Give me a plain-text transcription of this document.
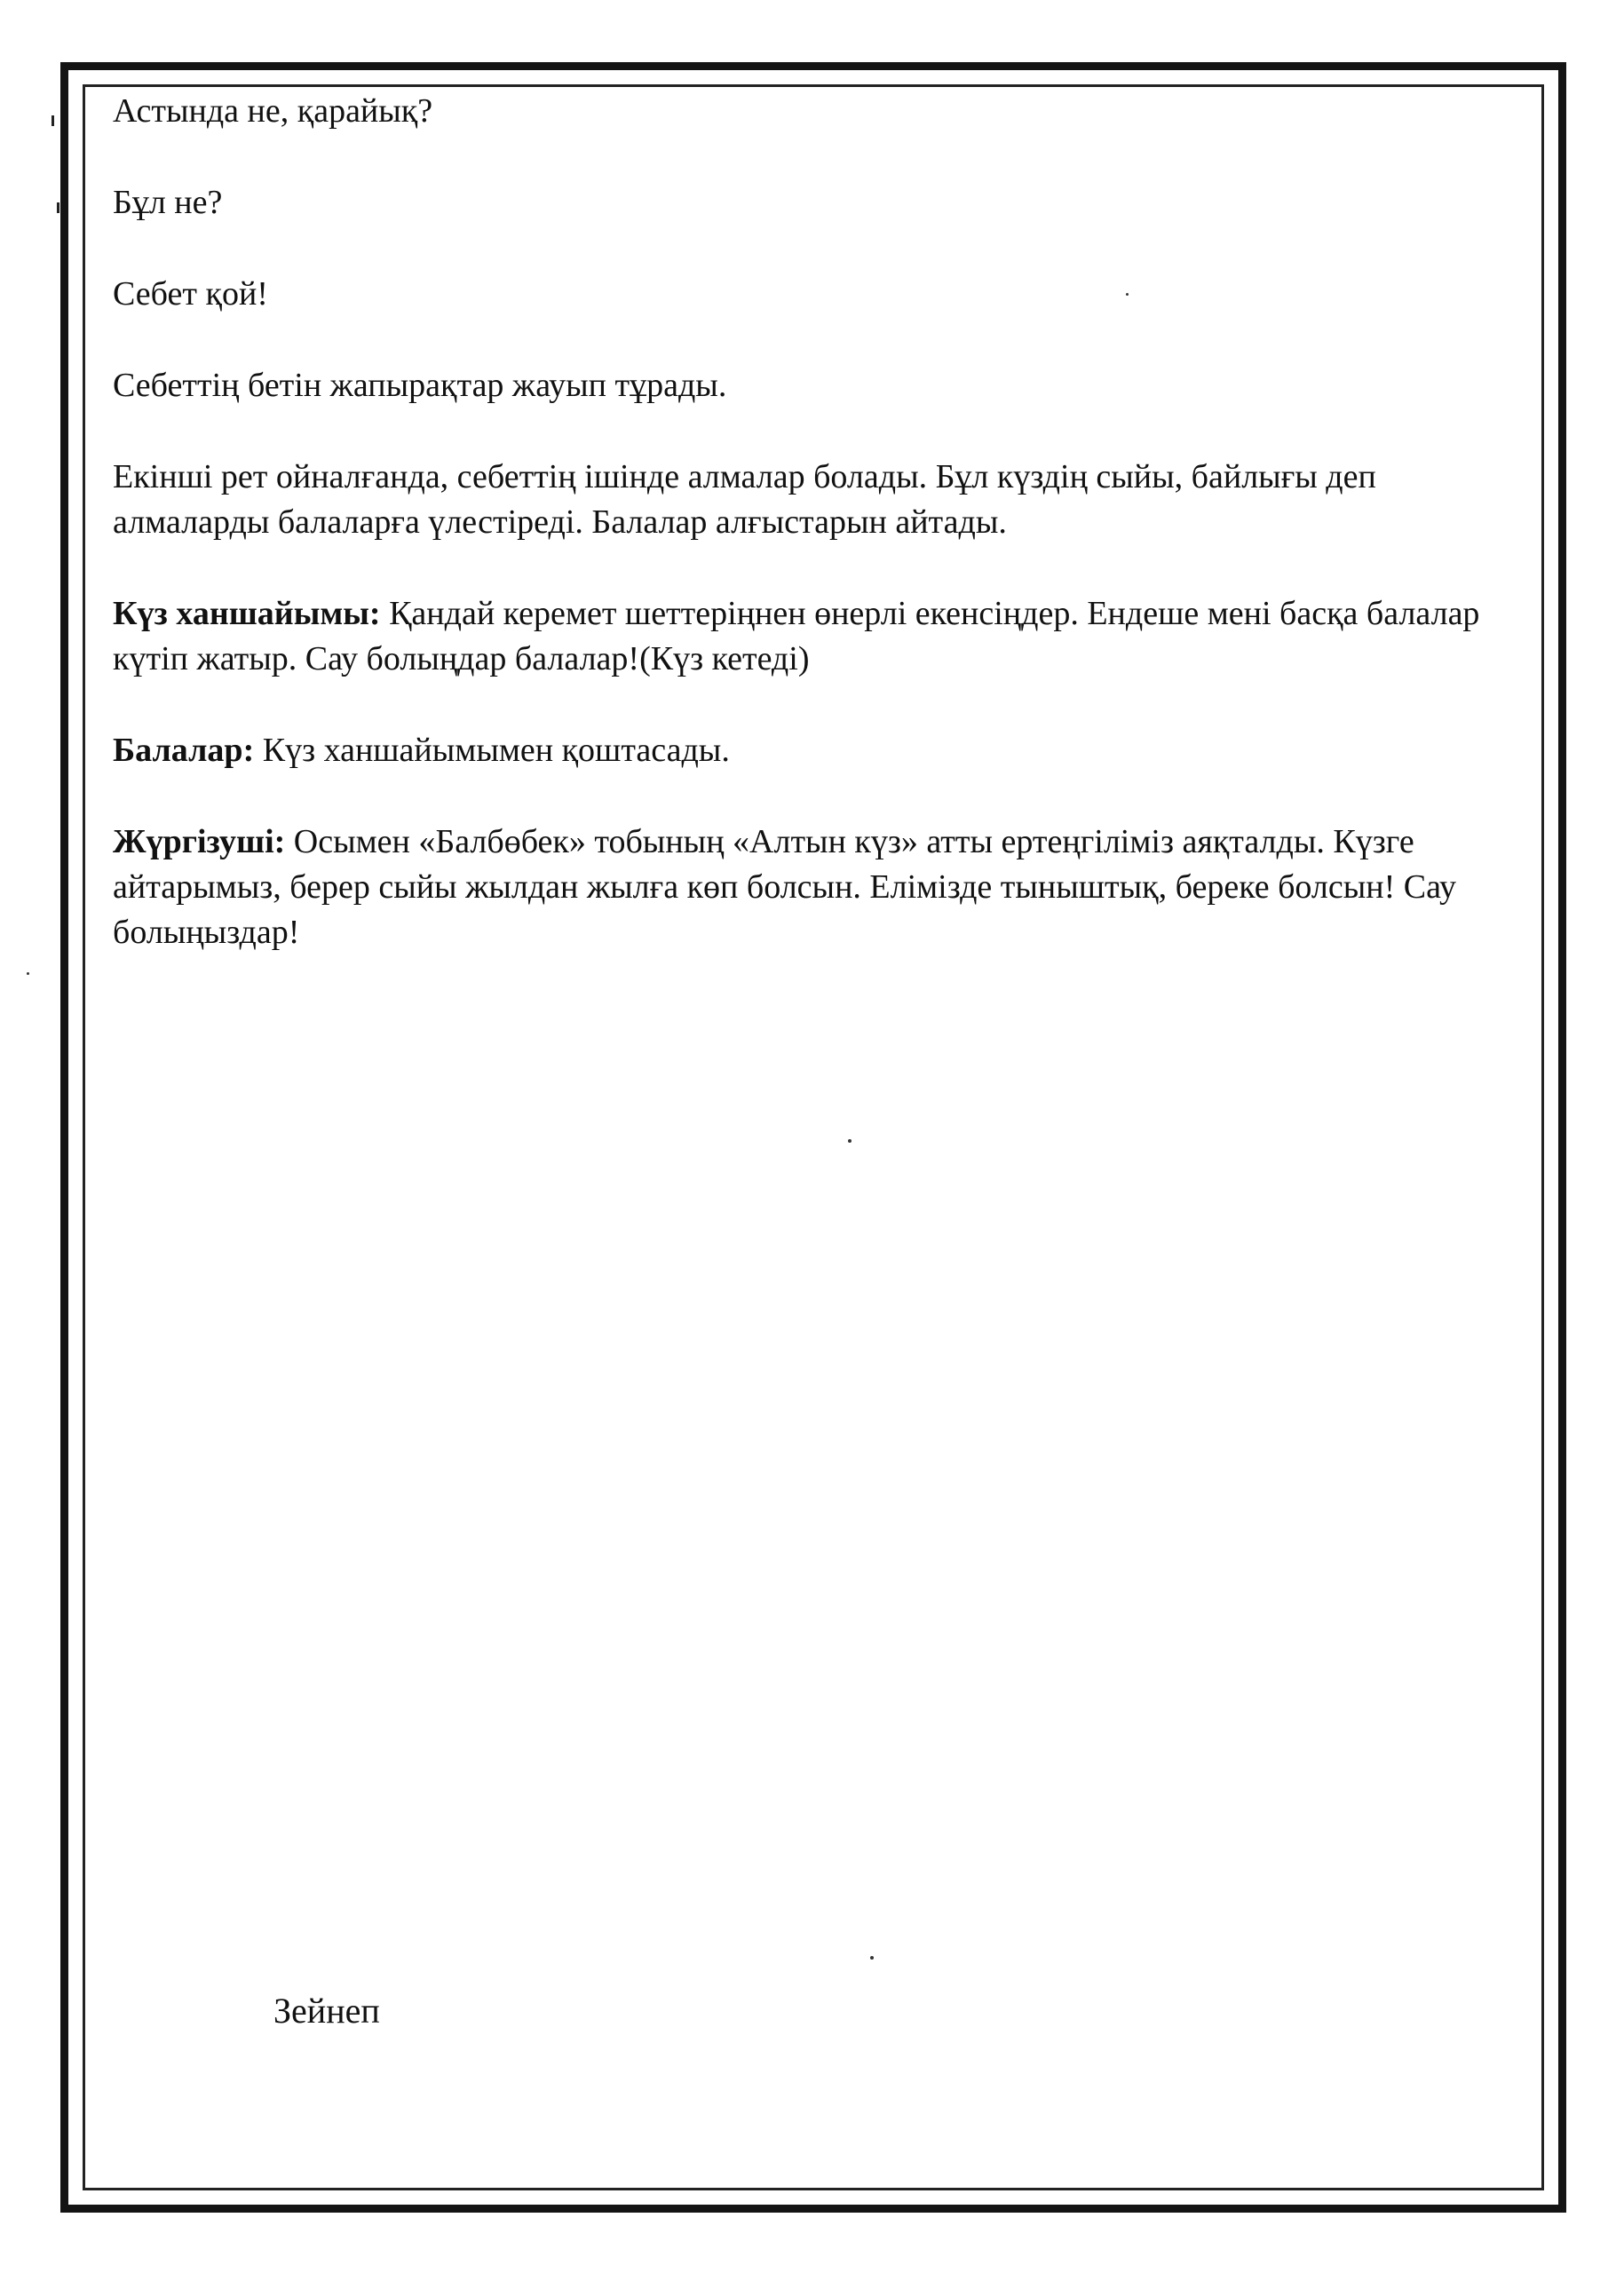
Астында не, қарайық?

Бұл не?

Себет қой!

Себеттің бетін жапырақтар жауып тұрады.

Екінші рет ойналғанда, себеттің ішінде алмалар болады. Бұл күздің сыйы, байлығы деп алмаларды балаларға үлестіреді. Балалар алғыстарын айтады.

Күз ханшайымы: Қандай керемет шеттеріңнен өнерлі екенсіңдер. Ендеше мені басқа балалар күтіп жатыр. Сау болыңдар балалар!(Күз кетеді)

Балалар: Күз ханшайымымен қоштасады.

Жүргізуші: Осымен «Балбөбек» тобының «Алтын күз» атты ертеңгіліміз аяқталды. Күзге айтарымыз, берер сыйы жылдан жылға көп болсын. Елімізде тыныштық, береке болсын! Сау болыңыздар!

Зейнеп
